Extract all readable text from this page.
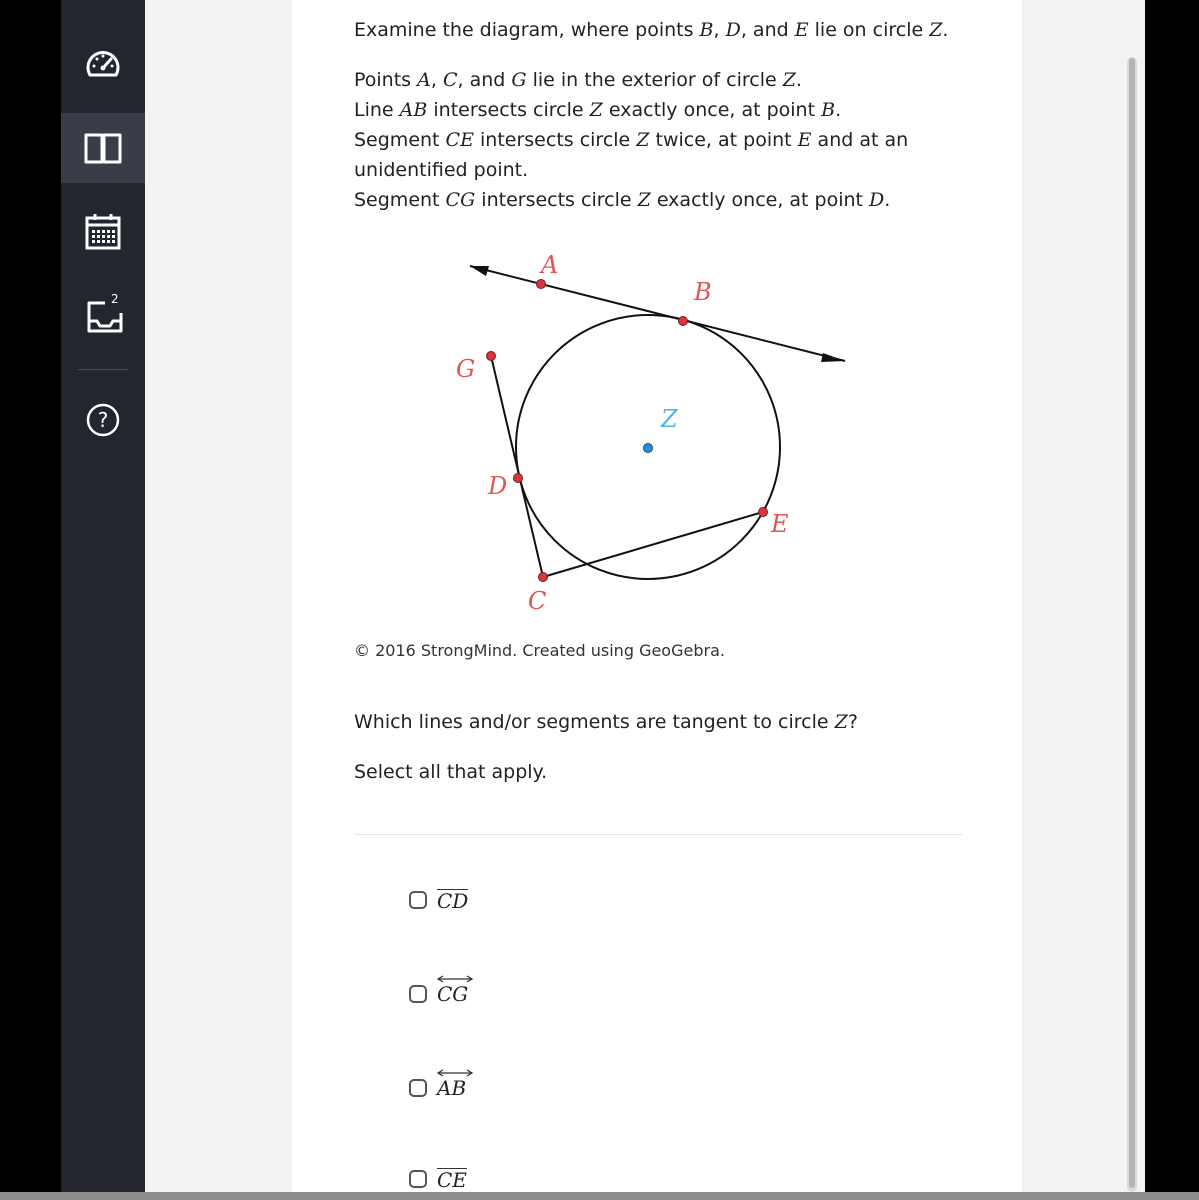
2
?

Examine the diagram, where points B, D, and E lie on circle Z.

Points A, C, and G lie in the exterior of circle Z.

Line AB intersects circle Z exactly once, at point B.

Segment CE intersects circle Z twice, at point E and at an unidentified point.

Segment CG intersects circle Z exactly once, at point D.

A
B
G
D
E
C
Z
© 2016 StrongMind. Created using GeoGebra.

Which lines and/or segments are tangent to circle Z?

Select all that apply.

CD
CG
AB
CE
